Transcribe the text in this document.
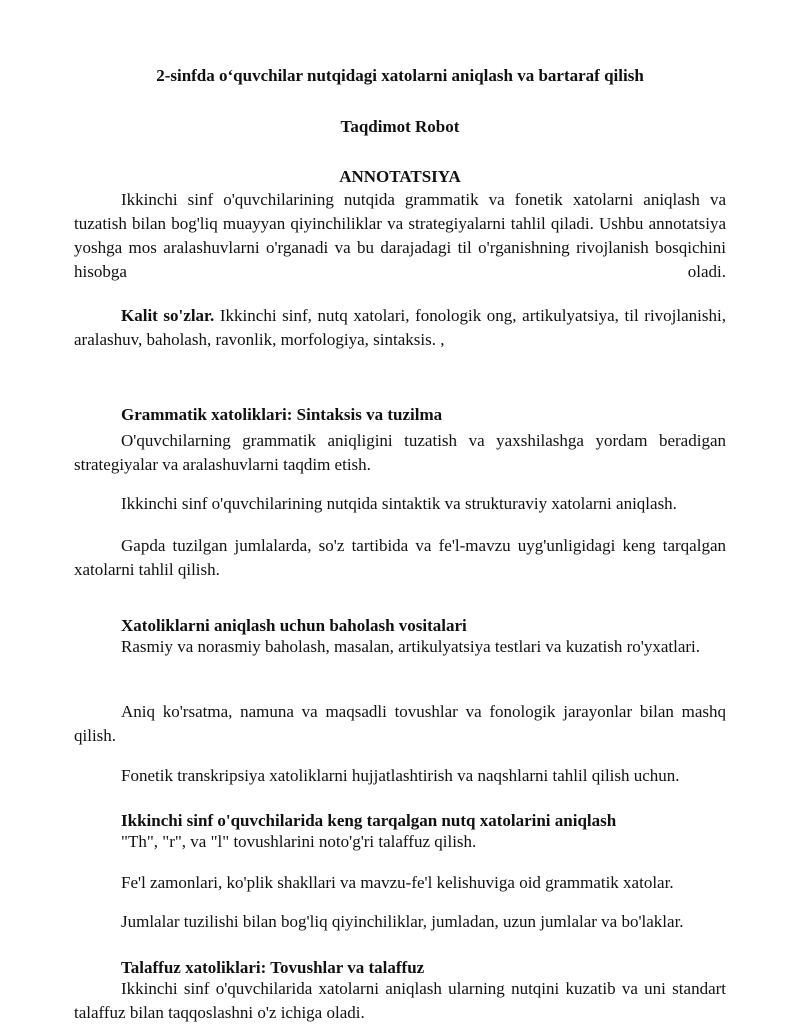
2-sinfda o‘quvchilar nutqidagi xatolarni aniqlash va bartaraf qilish
Taqdimot Robot
ANNOTATSIYA

Ikkinchi sinf o'quvchilarining nutqida grammatik va fonetik xatolarni aniqlash va tuzatish bilan bog'liq muayyan qiyinchiliklar va strategiyalarni tahlil qiladi. Ushbu annotatsiya yoshga mos aralashuvlarni o'rganadi va bu darajadagi til o'rganishning rivojlanish bosqichini hisobga oladi.

Kalit so'zlar. Ikkinchi sinf, nutq xatolari, fonologik ong, artikulyatsiya, til rivojlanishi, aralashuv, baholash, ravonlik, morfologiya, sintaksis. ,

Grammatik xatoliklari: Sintaksis va tuzilma

O'quvchilarning grammatik aniqligini tuzatish va yaxshilashga yordam beradigan strategiyalar va aralashuvlarni taqdim etish.

Ikkinchi sinf o'quvchilarining nutqida sintaktik va strukturaviy xatolarni aniqlash.

Gapda tuzilgan jumlalarda, so'z tartibida va fe'l-mavzu uyg'unligidagi keng tarqalgan xatolarni tahlil qilish.

Xatoliklarni aniqlash uchun baholash vositalari

Rasmiy va norasmiy baholash, masalan, artikulyatsiya testlari va kuzatish ro'yxatlari.

Aniq ko'rsatma, namuna va maqsadli tovushlar va fonologik jarayonlar bilan mashq qilish.

Fonetik transkripsiya xatoliklarni hujjatlashtirish va naqshlarni tahlil qilish uchun.

Ikkinchi sinf o'quvchilarida keng tarqalgan nutq xatolarini aniqlash

"Th", "r", va "l" tovushlarini noto'g'ri talaffuz qilish.

Fe'l zamonlari, ko'plik shakllari va mavzu-fe'l kelishuviga oid grammatik xatolar.

Jumlalar tuzilishi bilan bog'liq qiyinchiliklar, jumladan, uzun jumlalar va bo'laklar.

Talaffuz xatoliklari: Tovushlar va talaffuz

Ikkinchi sinf o'quvchilarida xatolarni aniqlash ularning nutqini kuzatib va uni standart talaffuz bilan taqqoslashni o'z ichiga oladi.
